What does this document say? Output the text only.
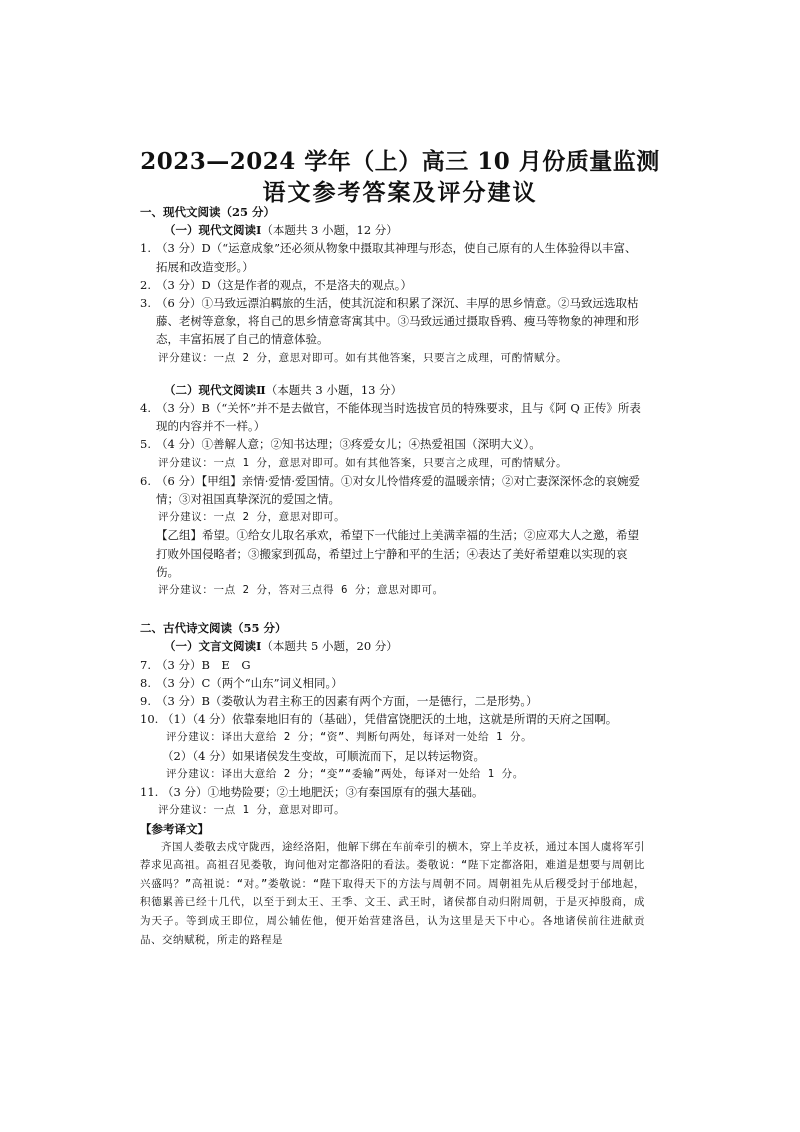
2023—2024 学年（上）高三 10 月份质量监测
语文参考答案及评分建议
一、现代文阅读（25 分）
（一）现代文阅读Ⅰ（本题共 3 小题，12 分）
1. （3 分）D（“运意成象”还必须从物象中摄取其神理与形态，使自己原有的人生体验得以丰富、拓展和改造变形。）
2. （3 分）D（这是作者的观点，不是洛夫的观点。）
3. （6 分）①马致远漂泊羁旅的生活，使其沉淀和积累了深沉、丰厚的思乡情意。②马致远选取枯藤、老树等意象，将自己的思乡情意寄寓其中。③马致远通过摄取昏鸦、瘦马等物象的神理和形态，丰富拓展了自己的情意体验。
评分建议：一点 2 分，意思对即可。如有其他答案，只要言之成理，可酌情赋分。
（二）现代文阅读Ⅱ（本题共 3 小题，13 分）
4. （3 分）B（“关怀”并不是去做官，不能体现当时选拔官员的特殊要求，且与《阿 Q 正传》所表现的内容并不一样。）
5. （4 分）①善解人意；②知书达理；③疼爱女儿；④热爱祖国（深明大义）。
评分建议：一点 1 分，意思对即可。如有其他答案，只要言之成理，可酌情赋分。
6. （6 分）【甲组】亲情·爱情·爱国情。①对女儿怜惜疼爱的温暖亲情；②对亡妻深深怀念的哀婉爱情；③对祖国真挚深沉的爱国之情。
评分建议：一点 2 分，意思对即可。
【乙组】希望。①给女儿取名承欢，希望下一代能过上美满幸福的生活；②应邓大人之邀，希望打败外国侵略者；③搬家到孤岛，希望过上宁静和平的生活；④表达了美好希望难以实现的哀伤。
评分建议：一点 2 分，答对三点得 6 分；意思对即可。
二、古代诗文阅读（55 分）
（一）文言文阅读Ⅰ（本题共 5 小题，20 分）
7. （3 分）B　E　G
8. （3 分）C（两个“山东”词义相同。）
9. （3 分）B（娄敬认为君主称王的因素有两个方面，一是德行，二是形势。）
10. （1）（4 分）依靠秦地旧有的（基础），凭借富饶肥沃的土地，这就是所谓的天府之国啊。
评分建议：译出大意给 2 分；“资”、判断句两处，每译对一处给 1 分。
（2）（4 分）如果诸侯发生变故，可顺流而下，足以转运物资。
评分建议：译出大意给 2 分；“变”“委输”两处，每译对一处给 1 分。
11. （3 分）①地势险要；②土地肥沃；③有秦国原有的强大基础。
评分建议：一点 1 分，意思对即可。
【参考译文】
齐国人娄敬去戍守陇西，途经洛阳，他解下绑在车前牵引的横木，穿上羊皮袄，通过本国人虞将军引荐求见高祖。高祖召见娄敬，询问他对定都洛阳的看法。娄敬说：“陛下定都洛阳，难道是想要与周朝比兴盛吗？”高祖说：“对。”娄敬说：“陛下取得天下的方法与周朝不同。周朝祖先从后稷受封于邰地起，积德累善已经十几代，以至于到太王、王季、文王、武王时，诸侯都自动归附周朝，于是灭掉殷商，成为天子。等到成王即位，周公辅佐他，便开始营建洛邑，认为这里是天下中心。各地诸侯前往进献贡品、交纳赋税，所走的路程是
